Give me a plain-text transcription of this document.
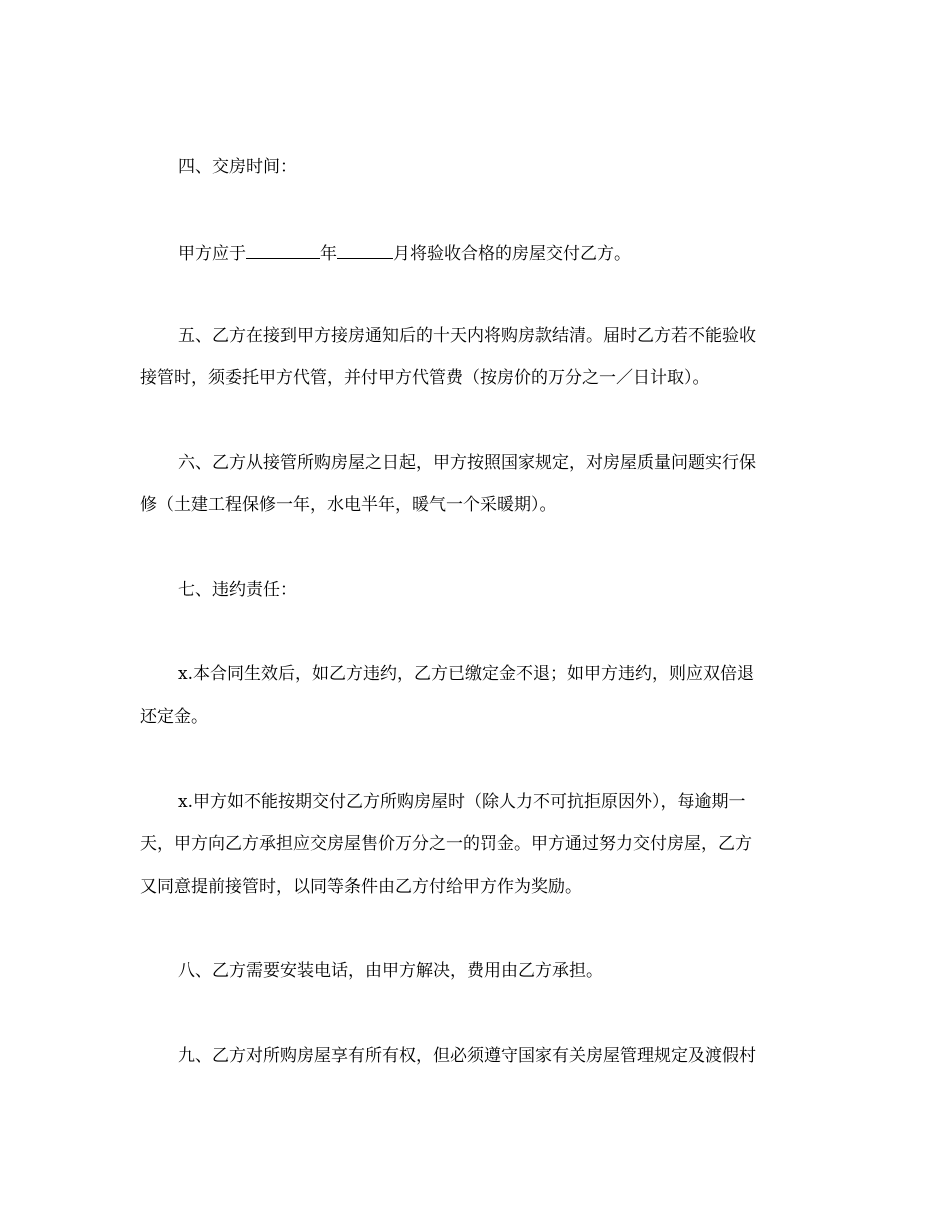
四、交房时间：
甲方应于	年	月将验收合格的房屋交付乙方。
五、乙方在接到甲方接房通知后的十天内将购房款结清。届时乙方若不能验收
接管时，须委托甲方代管，并付甲方代管费（按房价的万分之一／日计取）。
六、乙方从接管所购房屋之日起，甲方按照国家规定，对房屋质量问题实行保
修（土建工程保修一年，水电半年，暖气一个采暖期）。
七、违约责任：
x.本合同生效后，如乙方违约，乙方已缴定金不退；如甲方违约，则应双倍退
还定金。
x.甲方如不能按期交付乙方所购房屋时（除人力不可抗拒原因外），每逾期一
天，甲方向乙方承担应交房屋售价万分之一的罚金。甲方通过努力交付房屋，乙方
又同意提前接管时，以同等条件由乙方付给甲方作为奖励。
八、乙方需要安装电话，由甲方解决，费用由乙方承担。
九、乙方对所购房屋享有所有权，但必须遵守国家有关房屋管理规定及渡假村
